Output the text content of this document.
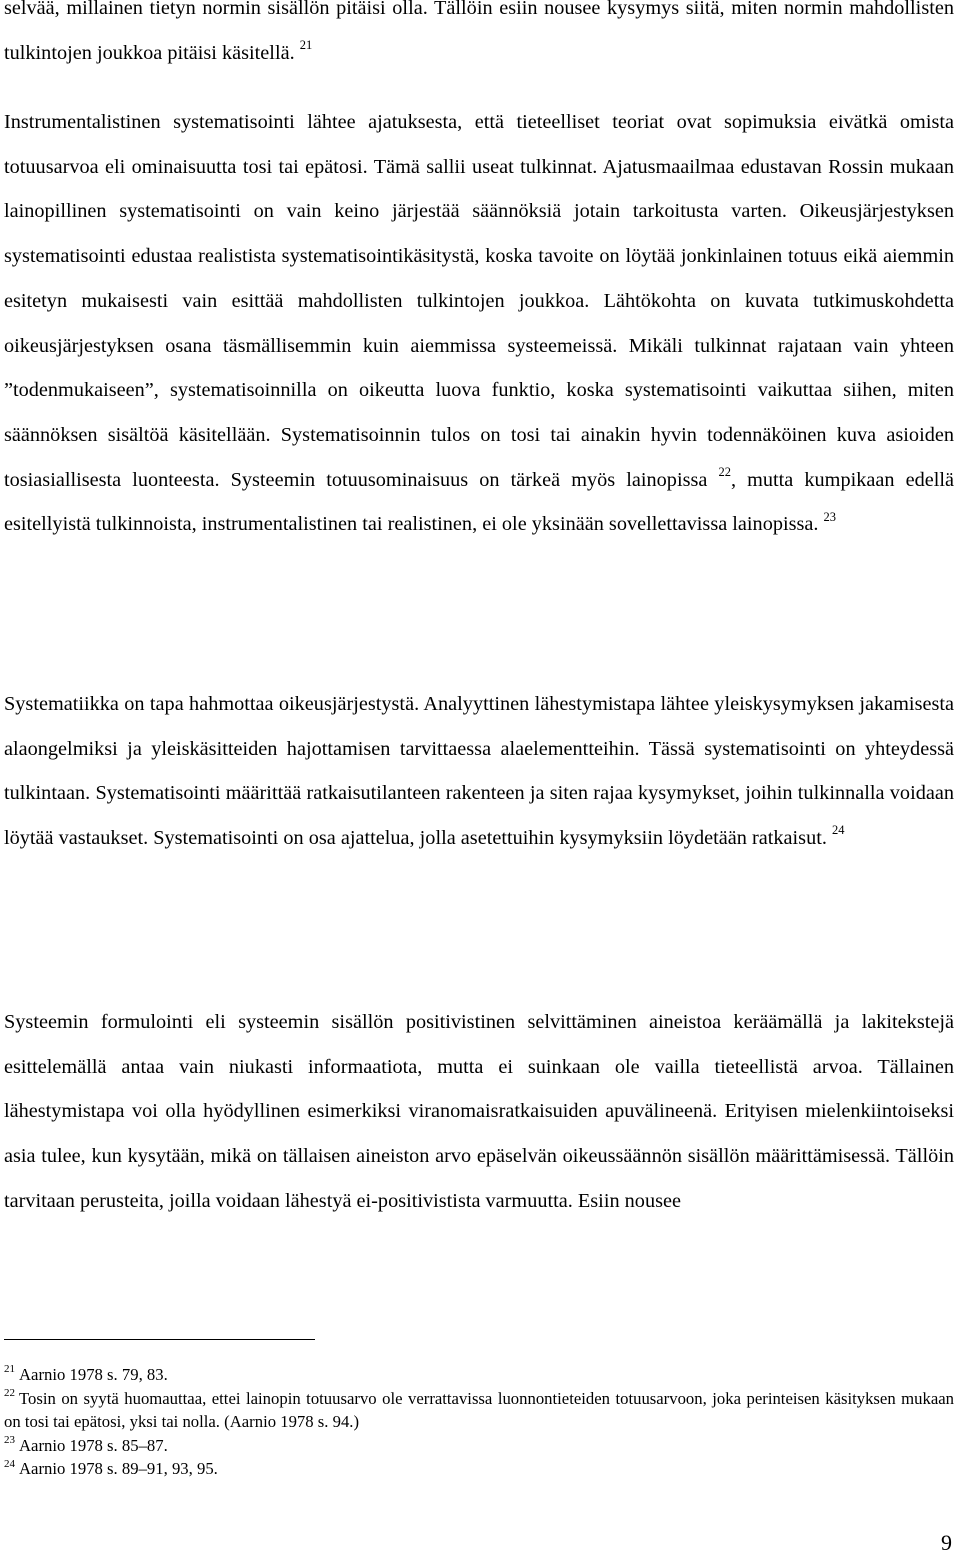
selvää, millainen tietyn normin sisällön pitäisi olla. Tällöin esiin nousee kysymys siitä, miten normin mahdollisten tulkintojen joukkoa pitäisi käsitellä. $^{21}$

Instrumentalistinen systematisointi lähtee ajatuksesta, että tieteelliset teoriat ovat sopimuksia eivätkä omista totuusarvoa eli ominaisuutta tosi tai epätosi. Tämä sallii useat tulkinnat. Ajatusmaailmaa edustavan Rossin mukaan lainopillinen systematisointi on vain keino järjestää säännöksiä jotain tarkoitusta varten. Oikeusjärjestyksen systematisointi edustaa realistista systematisointikäsitystä, koska tavoite on löytää jonkinlainen totuus eikä aiemmin esitetyn mukaisesti vain esittää mahdollisten tulkintojen joukkoa. Lähtökohta on kuvata tutkimuskohdetta oikeusjärjestyksen osana täsmällisemmin kuin aiemmissa systeemeissä. Mikäli tulkinnat rajataan vain yhteen ”todenmukaiseen”, systematisoinnilla on oikeutta luova funktio, koska systematisointi vaikuttaa siihen, miten säännöksen sisältöä käsitellään. Systematisoinnin tulos on tosi tai ainakin hyvin todennäköinen kuva asioiden tosiasiallisesta luonteesta. Systeemin totuusominaisuus on tärkeä myös lainopissa $^{22}$, mutta kumpikaan edellä esitellyistä tulkinnoista, instrumentalistinen tai realistinen, ei ole yksinään sovellettavissa lainopissa. $^{23}$

Systematiikka on tapa hahmottaa oikeusjärjestystä. Analyyttinen lähestymistapa lähtee yleiskysymyksen jakamisesta alaongelmiksi ja yleiskäsitteiden hajottamisen tarvittaessa alaelementteihin. Tässä systematisointi on yhteydessä tulkintaan. Systematisointi määrittää ratkaisutilanteen rakenteen ja siten rajaa kysymykset, joihin tulkinnalla voidaan löytää vastaukset. Systematisointi on osa ajattelua, jolla asetettuihin kysymyksiin löydetään ratkaisut. $^{24}$

Systeemin formulointi eli systeemin sisällön positivistinen selvittäminen aineistoa keräämällä ja lakitekstejä esittelemällä antaa vain niukasti informaatiota, mutta ei suinkaan ole vailla tieteellistä arvoa. Tällainen lähestymistapa voi olla hyödyllinen esimerkiksi viranomaisratkaisuiden apuvälineenä. Erityisen mielenkiintoiseksi asia tulee, kun kysytään, mikä on tällaisen aineiston arvo epäselvän oikeussäännön sisällön määrittämisessä. Tällöin tarvitaan perusteita, joilla voidaan lähestyä ei-positivistista varmuutta. Esiin nousee

$^{21}$ Aarnio 1978 s. 79, 83.

$^{22}$ Tosin on syytä huomauttaa, ettei lainopin totuusarvo ole verrattavissa luonnontieteiden totuusarvoon, joka perinteisen käsityksen mukaan on tosi tai epätosi, yksi tai nolla. (Aarnio 1978 s. 94.)

$^{23}$ Aarnio 1978 s. 85–87.

$^{24}$ Aarnio 1978 s. 89–91, 93, 95.

9
